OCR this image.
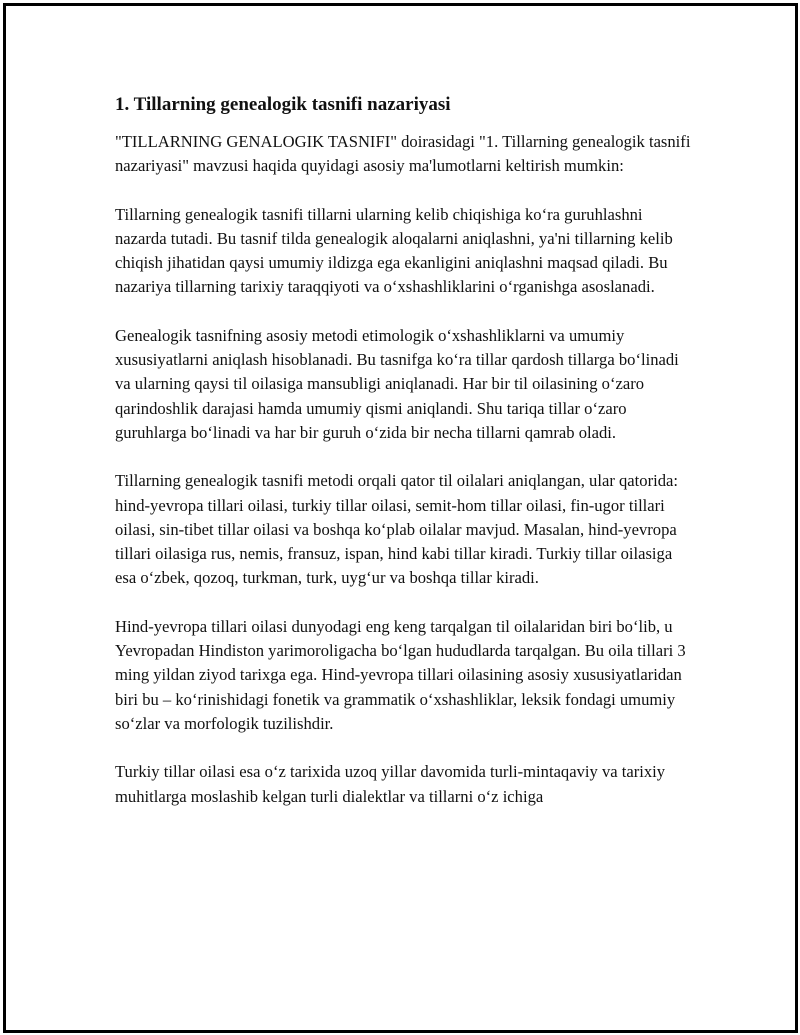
1. Tillarning genealogik tasnifi nazariyasi

"TILLARNING GENALOGIK TASNIFI" doirasidagi "1. Tillarning genealogik tasnifi nazariyasi" mavzusi haqida quyidagi asosiy ma'lumotlarni keltirish mumkin:

Tillarning genealogik tasnifi tillarni ularning kelib chiqishiga ko‘ra guruhlashni nazarda tutadi. Bu tasnif tilda genealogik aloqalarni aniqlashni, ya'ni tillarning kelib chiqish jihatidan qaysi umumiy ildizga ega ekanligini aniqlashni maqsad qiladi. Bu nazariya tillarning tarixiy taraqqiyoti va o‘xshashliklarini o‘rganishga asoslanadi.

Genealogik tasnifning asosiy metodi etimologik o‘xshashliklarni va umumiy xususiyatlarni aniqlash hisoblanadi. Bu tasnifga ko‘ra tillar qardosh tillarga bo‘linadi va ularning qaysi til oilasiga mansubligi aniqlanadi. Har bir til oilasining o‘zaro qarindoshlik darajasi hamda umumiy qismi aniqlandi. Shu tariqa tillar o‘zaro guruhlarga bo‘linadi va har bir guruh o‘zida bir necha tillarni qamrab oladi.

Tillarning genealogik tasnifi metodi orqali qator til oilalari aniqlangan, ular qatorida: hind-yevropa tillari oilasi, turkiy tillar oilasi, semit-hom tillar oilasi, fin-ugor tillari oilasi, sin-tibet tillar oilasi va boshqa ko‘plab oilalar mavjud. Masalan, hind-yevropa tillari oilasiga rus, nemis, fransuz, ispan, hind kabi tillar kiradi. Turkiy tillar oilasiga esa o‘zbek, qozoq, turkman, turk, uyg‘ur va boshqa tillar kiradi.

Hind-yevropa tillari oilasi dunyodagi eng keng tarqalgan til oilalaridan biri bo‘lib, u Yevropadan Hindiston yarimoroligacha bo‘lgan hududlarda tarqalgan. Bu oila tillari 3 ming yildan ziyod tarixga ega. Hind-yevropa tillari oilasining asosiy xususiyatlaridan biri bu – ko‘rinishidagi fonetik va grammatik o‘xshashliklar, leksik fondagi umumiy so‘zlar va morfologik tuzilishdir.

Turkiy tillar oilasi esa o‘z tarixida uzoq yillar davomida turli-mintaqaviy va tarixiy muhitlarga moslashib kelgan turli dialektlar va tillarni o‘z ichiga
